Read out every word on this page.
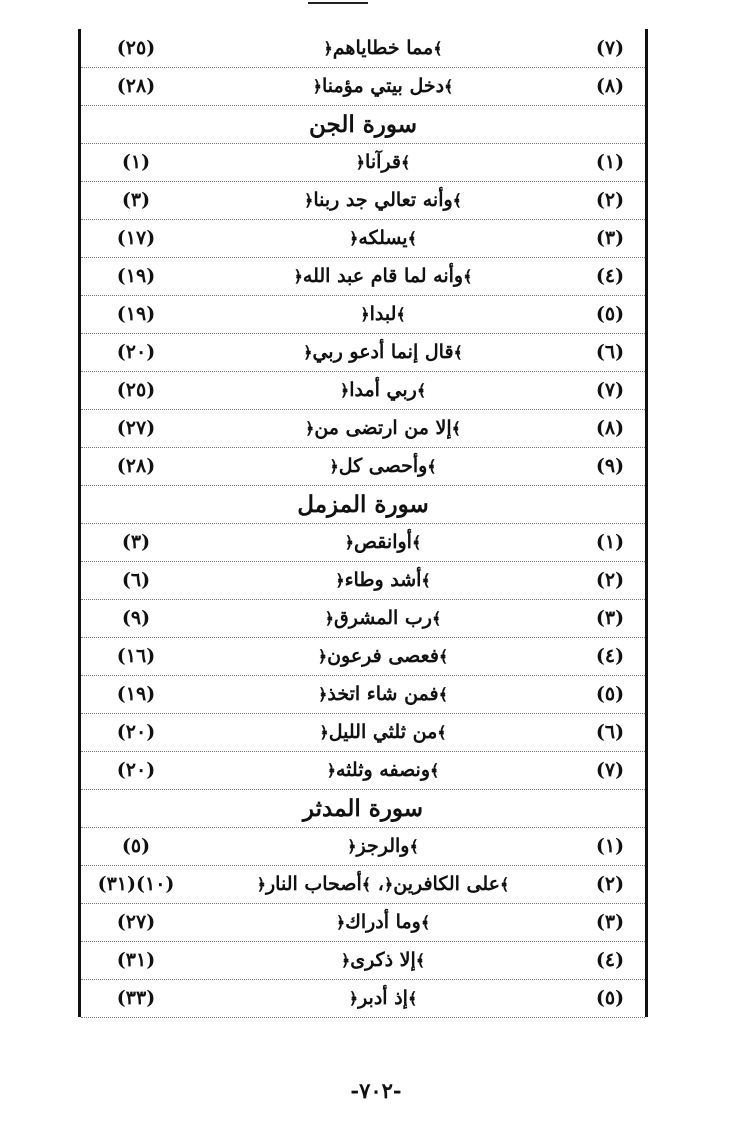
(٧)
﴾مما خطاياهم﴿
(٢٥)
(٨)
﴾دخل بيتي مؤمنا﴿
(٢٨)
سورة الجن
(١)
﴾قرآنا﴿
(١)
(٢)
﴾وأنه تعالي جد ربنا﴿
(٣)
(٣)
﴾يسلكه﴿
(١٧)
(٤)
﴾وأنه لما قام عبد الله﴿
(١٩)
(٥)
﴾لبدا﴿
(١٩)
(٦)
﴾قال إنما أدعو ربي﴿
(٢٠)
(٧)
﴾ربي أمدا﴿
(٢٥)
(٨)
﴾إلا من ارتضى من﴿
(٢٧)
(٩)
﴾وأحصى كل﴿
(٢٨)
سورة المزمل
(١)
﴾أوانقص﴿
(٣)
(٢)
﴾أشد وطاء﴿
(٦)
(٣)
﴾رب المشرق﴿
(٩)
(٤)
﴾فعصى فرعون﴿
(١٦)
(٥)
﴾فمن شاء اتخذ﴿
(١٩)
(٦)
﴾من ثلثي الليل﴿
(٢٠)
(٧)
﴾ونصفه وثلثه﴿
(٢٠)
سورة المدثر
(١)
﴾والرجز﴿
(٥)
(٢)
﴾على الكافرين﴿، ﴾أصحاب النار﴿
(١٠)(٣١)
(٣)
﴾وما أدراك﴿
(٢٧)
(٤)
﴾إلا ذكرى﴿
(٣١)
(٥)
﴾إذ أدبر﴿
(٣٣)
-٧٠٢-
